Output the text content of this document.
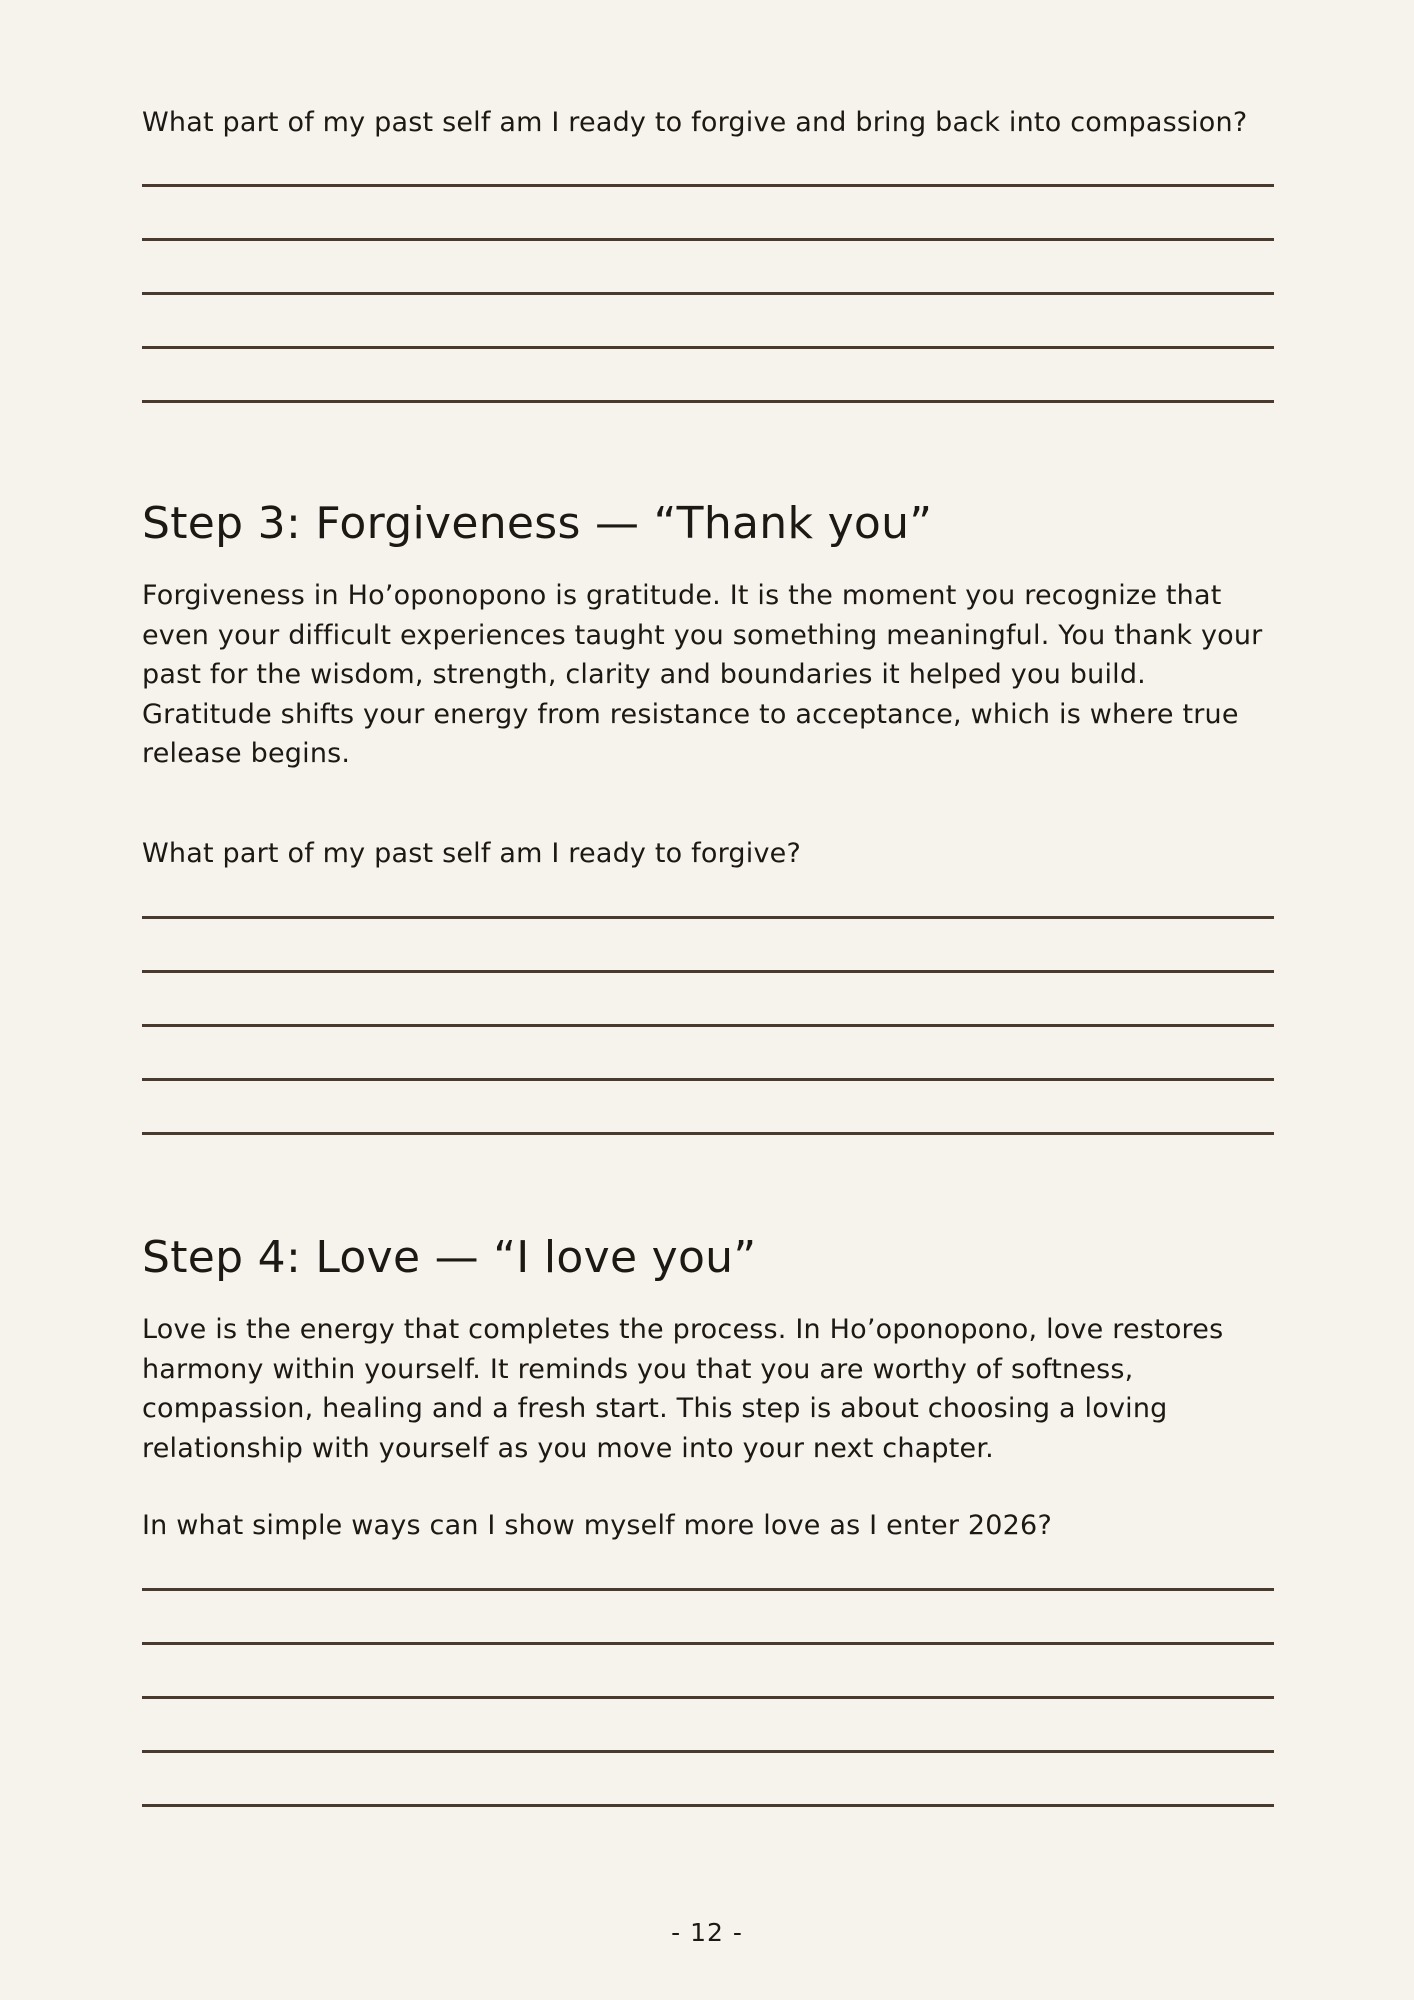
What part of my past self am I ready to forgive and bring back into compassion?

Step 3: Forgiveness — “Thank you”

Forgiveness in Ho’oponopono is gratitude. It is the moment you recognize that even your difficult experiences taught you something meaningful. You thank your past for the wisdom, strength, clarity and boundaries it helped you build. Gratitude shifts your energy from resistance to acceptance, which is where true release begins.

What part of my past self am I ready to forgive?

Step 4: Love — “I love you”

Love is the energy that completes the process. In Ho’oponopono, love restores harmony within yourself. It reminds you that you are worthy of softness, compassion, healing and a fresh start. This step is about choosing a loving relationship with yourself as you move into your next chapter.

In what simple ways can I show myself more love as I enter 2026?

- 12 -
